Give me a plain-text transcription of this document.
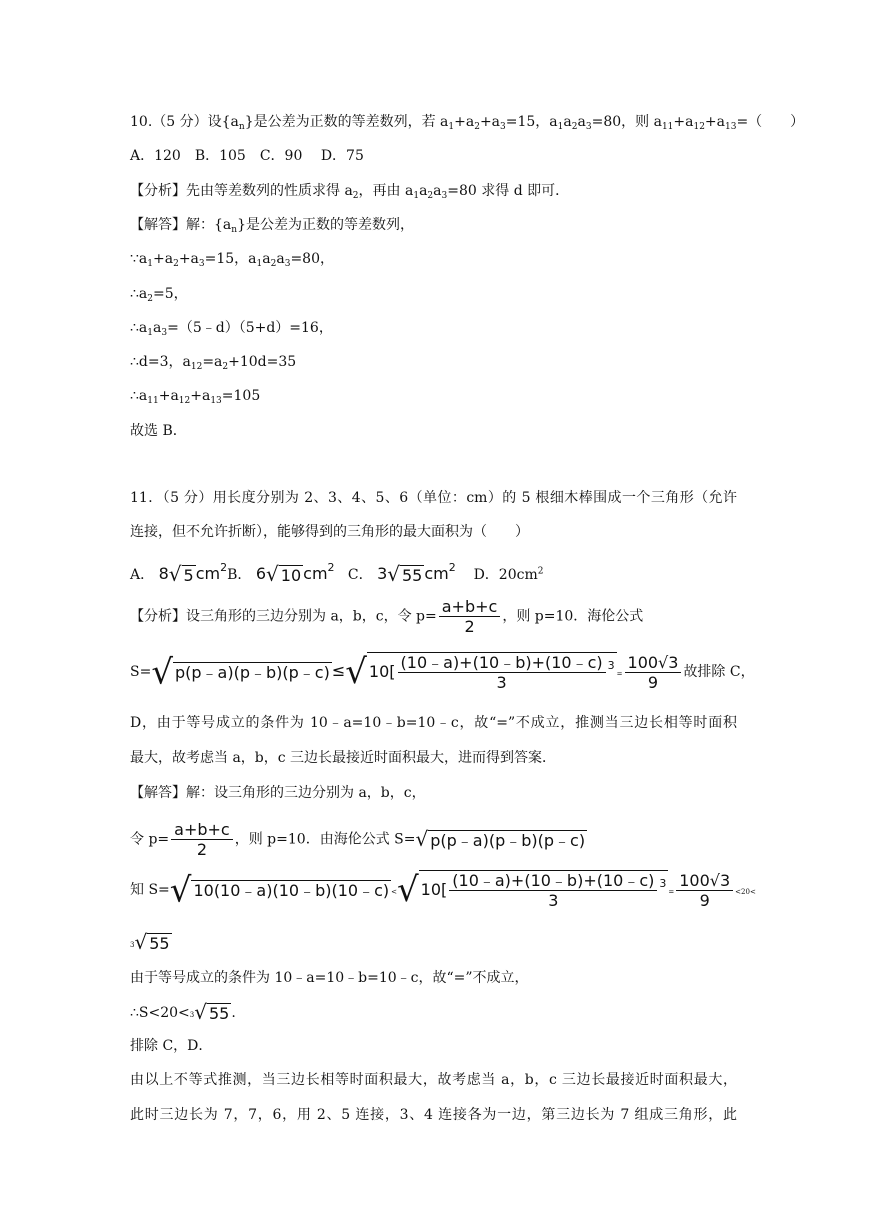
10.（5 分）设$\{a_n\}$是公差为正数的等差数列，若 $a_1+a_2+a_3=15$，$a_1a_2a_3=80$，则 $a_{11}+a_{12}+a_{13}=$（　　）
A．120　B．105　C．90　 D．75
【分析】先由等差数列的性质求得 $a_2$，再由 $a_1a_2a_3=80$ 求得 d 即可．
【解答】解：$\{a_n\}$是公差为正数的等差数列，
$\because a_1+a_2+a_3=15$，$a_1a_2a_3=80$，
$\therefore a_2=5$，
$\therefore a_1a_3=(5﹣d)(5+d)=16$，
∴d=3，$a_{12}=a_2+10d=35$
$\therefore a_{11}+a_{12}+a_{13}=105$
故选 B．
11．（5 分）用长度分别为 2、3、4、5、6（单位：cm）的 5 根细木棒围成一个三角形（允许
连接，但不允许折断），能够得到的三角形的最大面积为（　　）
A． 8√ 5 $cm^2B$． 6√ 10 $cm^2$ C． 3√ 55 $cm^2$ D．$20cm^2$
【分析】设三角形的三边分别为 a，b，c，令 $p= \frac{a+b+c}{2}$ ，则 p=10．海伦公式
S=√ p(p﹣a)(p﹣b)(p﹣c) ≤√ $10[ \frac{(10﹣a)+(10﹣b)+(10﹣c)}{3} ^3= \frac{100√3}{9}$ 故排除 C，
D，由于等号成立的条件为 10﹣a=10﹣b=10﹣c，故“=”不成立，推测当三边长相等时面积
最大，故考虑当 a，b，c 三边长最接近时面积最大，进而得到答案．
【解答】解：设三角形的三边分别为 a，b，c，
令 $p= \frac{a+b+c}{2}$ ，则 p=10．由海伦公式 S=√ p(p﹣a)(p﹣b)(p﹣c)
知 S=√ 10(10﹣a)(10﹣b)(10﹣c) <√ $10[ \frac{(10﹣a)+(10﹣b)+(10﹣c)}{3} ^3= \frac{100√3}{9} <20<$
3√ 55
由于等号成立的条件为 10﹣a=10﹣b=10﹣c，故“=”不成立，
∴S<20<3√ 55 .
排除 C，D．
由以上不等式推测，当三边长相等时面积最大，故考虑当 a，b，c 三边长最接近时面积最大，
此时三边长为 7，7，6，用 2、5 连接，3、4 连接各为一边，第三边长为 7 组成三角形，此
